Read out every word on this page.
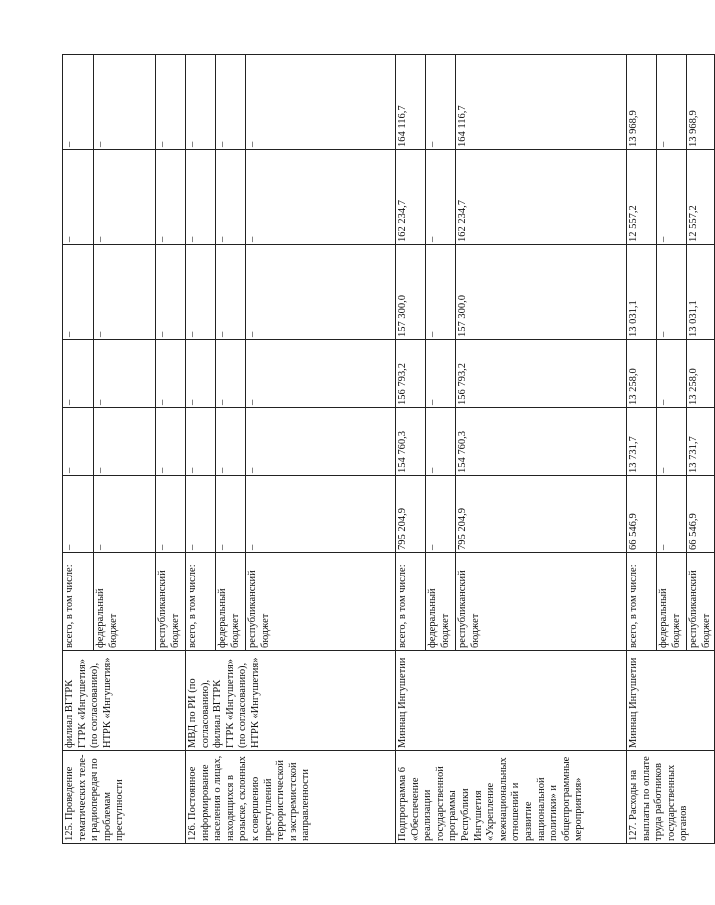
125. Проведение тематических теле- и радиопередач по проблемам преступности	филиал ВГТРК ГТРК «Ингушетия» (по согласованию), НТРК «Ингушетия»	всего, в том числе:	–	–	–	–	–	–
		федеральный бюджет	–	–	–	–	–	–
		республиканский бюджет	–	–	–	–	–	–
126. Постоянное информирование населения о лицах, находящихся в розыске, склонных к совершению преступлений террористической и экстремистской направленности	МВД по РИ (по согласованию), филиал ВГТРК ГТРК «Ингушетия» (по согласованию), НТРК «Ингушетия»	всего, в том числе:	–	–	–	–	–	–
		федеральный бюджет	–	–	–	–	–	–
		республиканский бюджет	–	–	–	–	–	–
Подпрограмма 6 «Обеспечение реализации государственной программы Республики Ингушетия «Укрепление межнациональных отношений и развитие национальной политики» и общепрограммные мероприятия»	Миннац Ингушетии	всего, в том числе:	795 204,9	154 760,3	156 793,2	157 300,0	162 234,7	164 116,7
		федеральный бюджет	–	–	–	–	–	–
		республиканский бюджет	795 204,9	154 760,3	156 793,2	157 300,0	162 234,7	164 116,7
127. Расходы на выплаты по оплате труда работников государственных органов	Миннац Ингушетии	всего, в том числе:	66 546,9	13 731,7	13 258,0	13 031,1	12 557,2	13 968,9
		федеральный бюджет	–	–	–	–	–	–
		республиканский бюджет	66 546,9	13 731,7	13 258,0	13 031,1	12 557,2	13 968,9
